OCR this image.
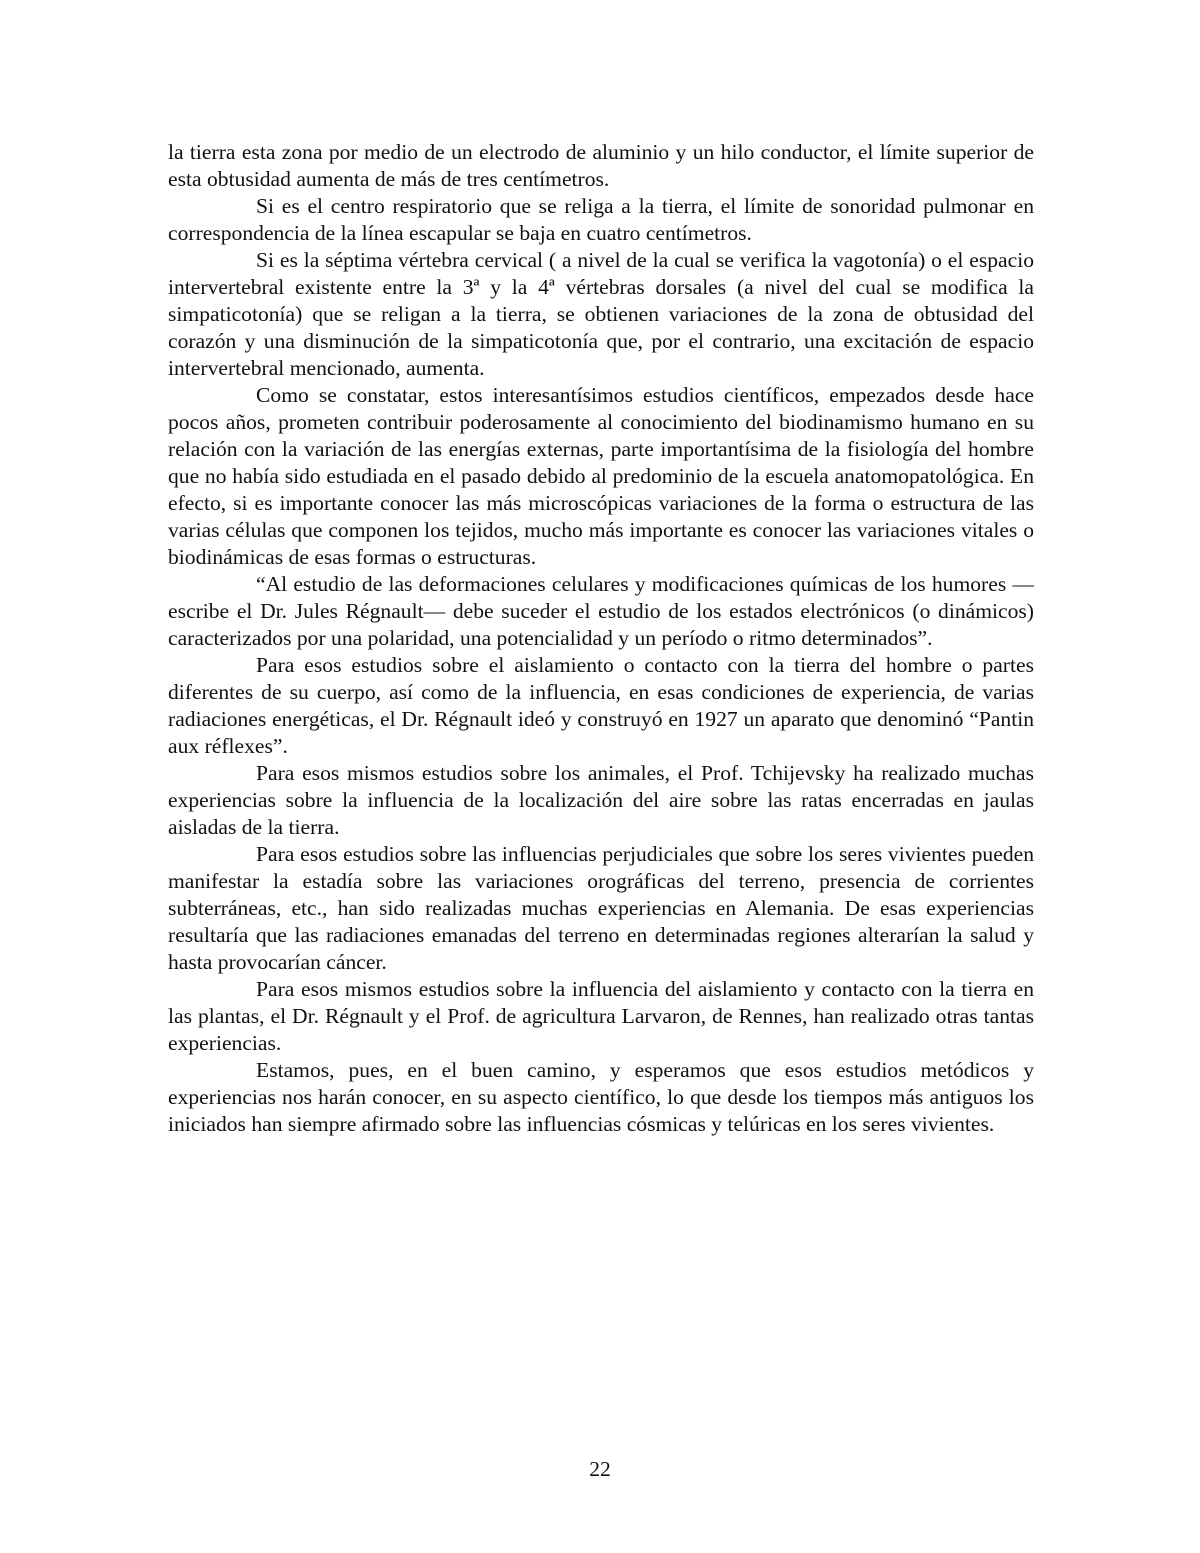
la tierra esta zona por medio de un electrodo de aluminio y un hilo conductor, el límite superior de esta obtusidad aumenta de más de tres centímetros.

Si es el centro respiratorio que se religa a la tierra, el límite de sonoridad pulmonar en correspondencia de la línea escapular se baja en cuatro centímetros.

Si es la séptima vértebra cervical ( a nivel de la cual se verifica la vagotonía) o el espacio intervertebral existente entre la 3ª y la 4ª vértebras dorsales (a nivel del cual se modifica la simpaticotonía) que se religan a la tierra, se obtienen variaciones de la zona de obtusidad del corazón y una disminución de la simpaticotonía que, por el contrario, una excitación de espacio intervertebral mencionado, aumenta.

Como se constatar, estos interesantísimos estudios científicos, empezados desde hace pocos años, prometen contribuir poderosamente al conocimiento del biodinamismo humano en su relación con la variación de las energías externas, parte importantísima de la fisiología del hombre que no había sido estudiada en el pasado debido al predominio de la escuela anatomopatológica. En efecto, si es importante conocer las más microscópicas variaciones de la forma o estructura de las varias células que componen los tejidos, mucho más importante es conocer las variaciones vitales o biodinámicas de esas formas o estructuras.

“Al estudio de las deformaciones celulares y modificaciones químicas de los humores —escribe el Dr. Jules Régnault— debe suceder el estudio de los estados electrónicos (o dinámicos) caracterizados por una polaridad, una potencialidad y un período o ritmo determinados”.

Para esos estudios sobre el aislamiento o contacto con la tierra del hombre o partes diferentes de su cuerpo, así como de la influencia, en esas condiciones de experiencia, de varias radiaciones energéticas, el Dr. Régnault ideó y construyó en 1927 un aparato que denominó “Pantin aux réflexes”.

Para esos mismos estudios sobre los animales, el Prof. Tchijevsky ha realizado muchas experiencias sobre la influencia de la localización del aire sobre las ratas encerradas en jaulas aisladas de la tierra.

Para esos estudios sobre las influencias perjudiciales que sobre los seres vivientes pueden manifestar la estadía sobre las variaciones orográficas del terreno, presencia de corrientes subterráneas, etc., han sido realizadas muchas experiencias en Alemania. De esas experiencias resultaría que las radiaciones emanadas del terreno en determinadas regiones alterarían la salud y hasta provocarían cáncer.

Para esos mismos estudios sobre la influencia del aislamiento y contacto con la tierra en las plantas, el Dr. Régnault y el Prof. de agricultura Larvaron, de Rennes, han realizado otras tantas experiencias.

Estamos, pues, en el buen camino, y esperamos que esos estudios metódicos y experiencias nos harán conocer, en su aspecto científico, lo que desde los tiempos más antiguos los iniciados han siempre afirmado sobre las influencias cósmicas y telúricas en los seres vivientes.

22
